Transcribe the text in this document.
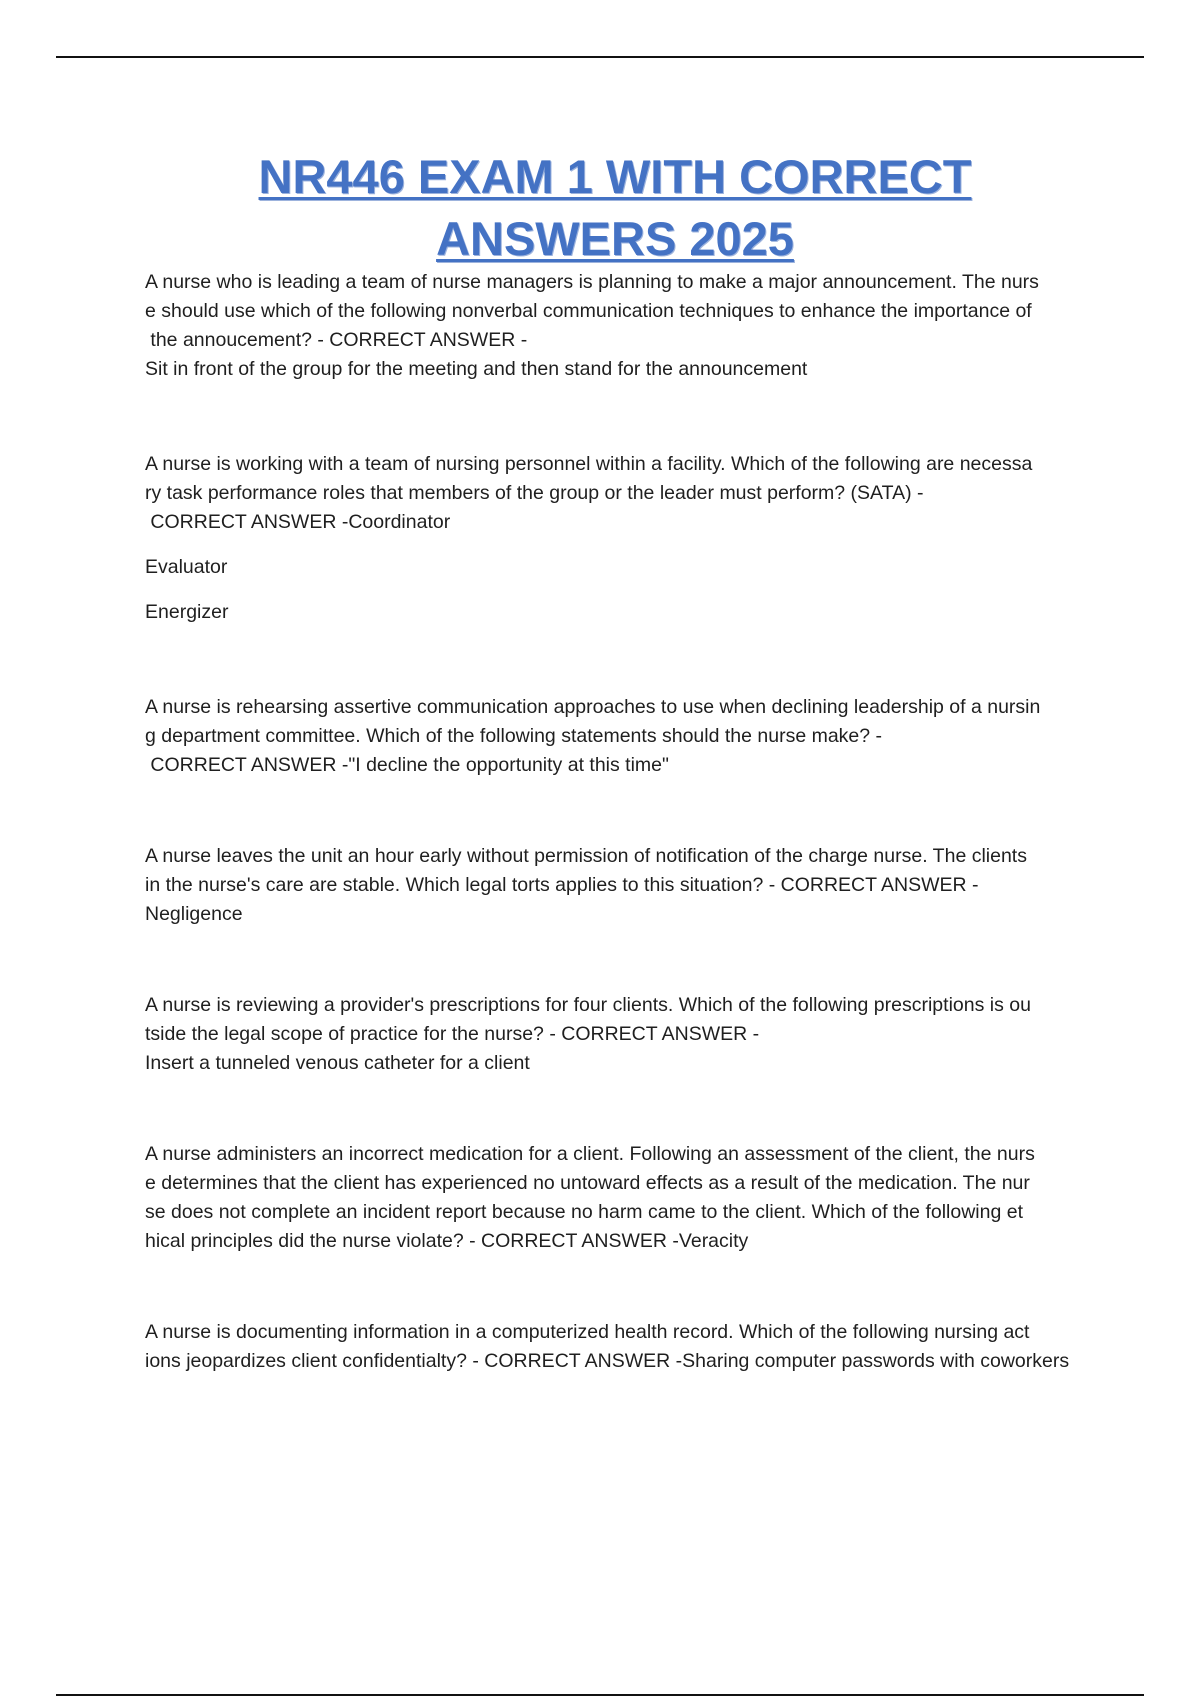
NR446 EXAM 1 WITH CORRECT
ANSWERS 2025

A nurse who is leading a team of nurse managers is planning to make a major announcement. The nurs

e should use which of the following nonverbal communication techniques to enhance the importance of

the annoucement? - CORRECT ANSWER -

Sit in front of the group for the meeting and then stand for the announcement

A nurse is working with a team of nursing personnel within a facility. Which of the following are necessa

ry task performance roles that members of the group or the leader must perform? (SATA) -

CORRECT ANSWER -Coordinator

Evaluator

Energizer

A nurse is rehearsing assertive communication approaches to use when declining leadership of a nursin

g department committee. Which of the following statements should the nurse make? -

CORRECT ANSWER -"I decline the opportunity at this time"

A nurse leaves the unit an hour early without permission of notification of the charge nurse. The clients

in the nurse's care are stable. Which legal torts applies to this situation? - CORRECT ANSWER -

Negligence

A nurse is reviewing a provider's prescriptions for four clients. Which of the following prescriptions is ou

tside the legal scope of practice for the nurse? - CORRECT ANSWER -

Insert a tunneled venous catheter for a client

A nurse administers an incorrect medication for a client. Following an assessment of the client, the nurs

e determines that the client has experienced no untoward effects as a result of the medication. The nur

se does not complete an incident report because no harm came to the client. Which of the following et

hical principles did the nurse violate? - CORRECT ANSWER -Veracity

A nurse is documenting information in a computerized health record. Which of the following nursing act

ions jeopardizes client confidentialty? - CORRECT ANSWER -Sharing computer passwords with coworkers
